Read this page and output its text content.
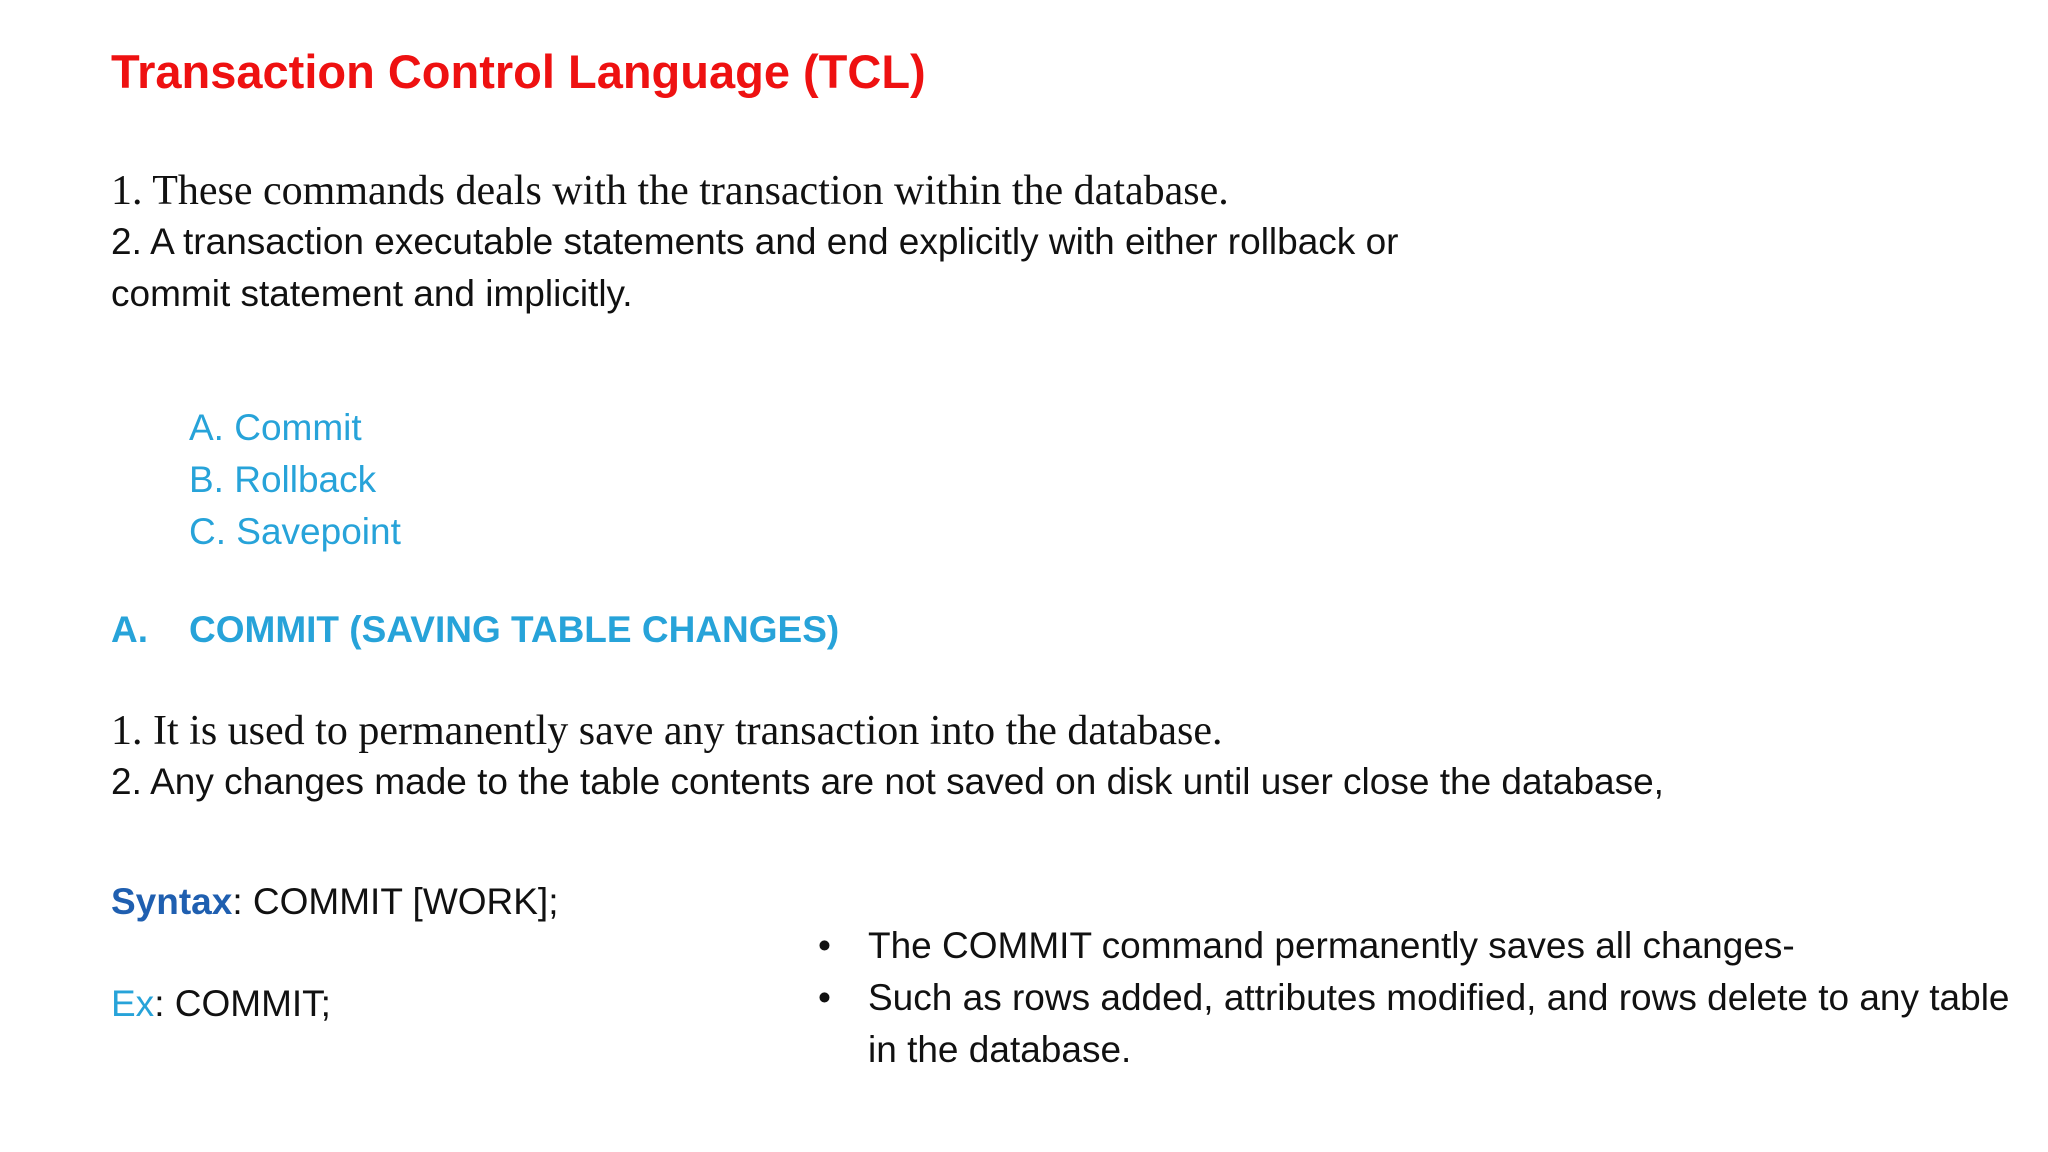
Transaction Control Language (TCL)
1. These commands deals with the transaction within the database.
2. A transaction executable statements and end explicitly with either rollback or
commit statement and implicitly.
A. Commit
B. Rollback
C. Savepoint
A. COMMIT (SAVING TABLE CHANGES)
1. It is used to permanently save any transaction into the database.
2. Any changes made to the table contents are not saved on disk until user close the database,
Syntax: COMMIT [WORK];
Ex: COMMIT;
• The COMMIT command permanently saves all changes-
• Such as rows added, attributes modified, and rows delete to any table in the database.
